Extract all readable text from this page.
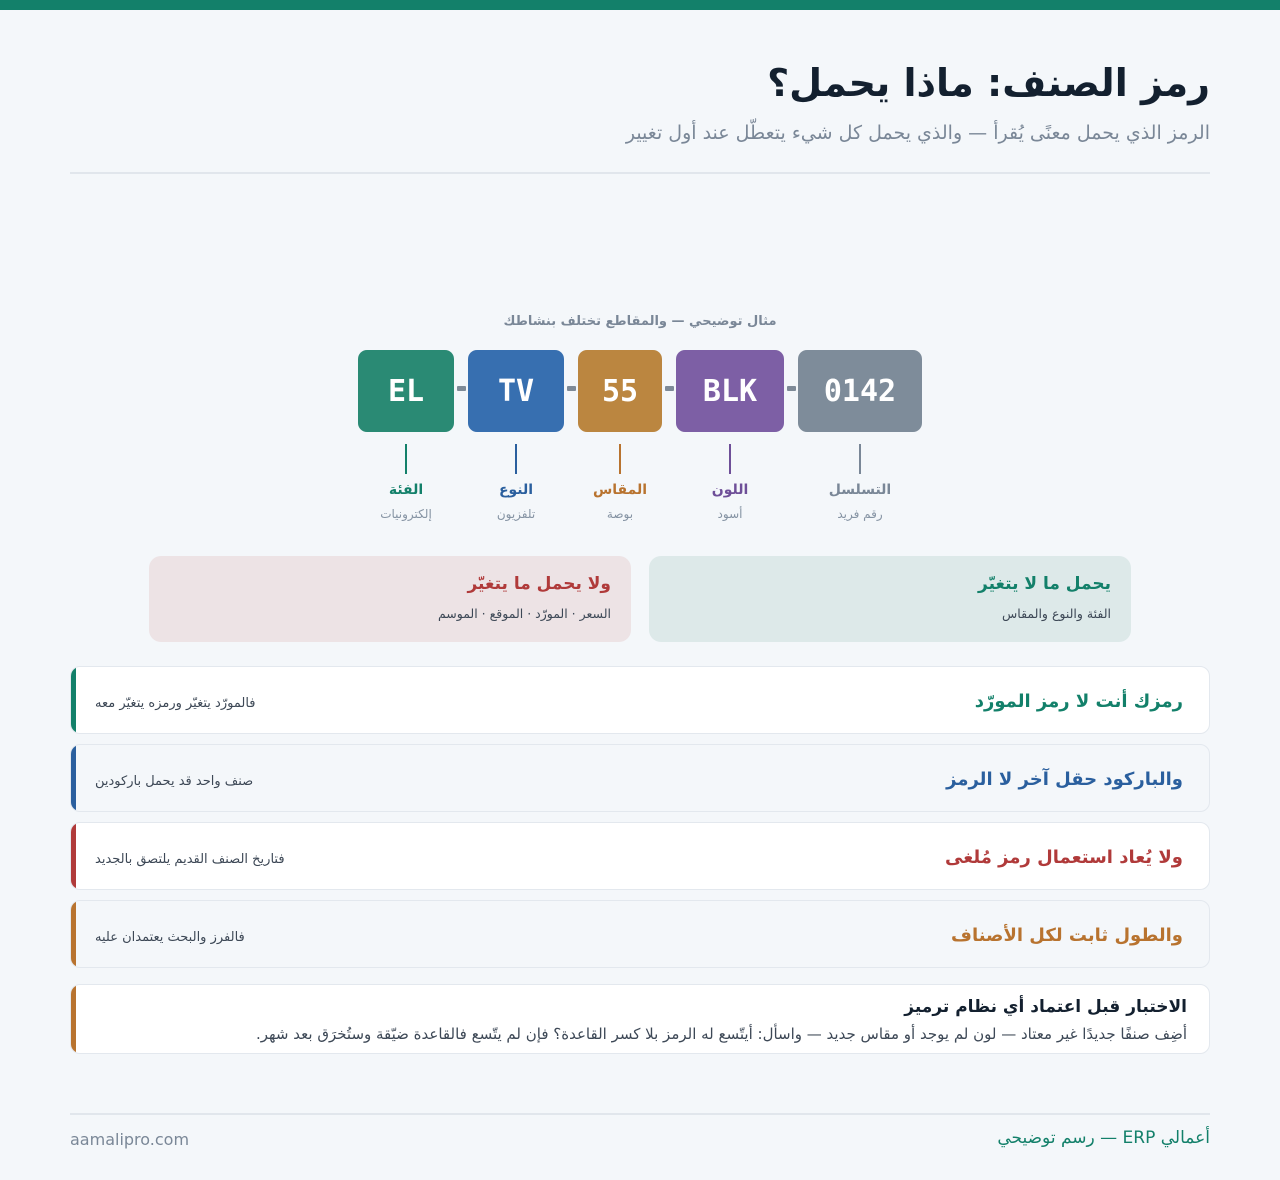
رمز الصنف: ماذا يحمل؟
الرمز الذي يحمل معنًى يُقرأ — والذي يحمل كل شيء يتعطّل عند أول تغيير
مثال توضيحي — والمقاطع تختلف بنشاطك
EL
الفئة
إلكترونيات
TV
النوع
تلفزيون
55
المقاس
بوصة
BLK
اللون
أسود
0142
التسلسل
رقم فريد
ولا يحمل ما يتغيّر
السعر · المورّد · الموقع · الموسم
يحمل ما لا يتغيّر
الفئة والنوع والمقاس
رمزك أنت لا رمز المورّد
فالمورّد يتغيّر ورمزه يتغيّر معه
والباركود حقل آخر لا الرمز
صنف واحد قد يحمل باركودين
ولا يُعاد استعمال رمز مُلغى
فتاريخ الصنف القديم يلتصق بالجديد
والطول ثابت لكل الأصناف
فالفرز والبحث يعتمدان عليه
الاختبار قبل اعتماد أي نظام ترميز
أضِف صنفًا جديدًا غير معتاد — لون لم يوجد أو مقاس جديد — واسأل: أيتّسع له الرمز بلا كسر القاعدة؟ فإن لم يتّسع فالقاعدة ضيّقة وستُخرَق بعد شهر.
aamalipro.com	أعمالي ERP — رسم توضيحي
